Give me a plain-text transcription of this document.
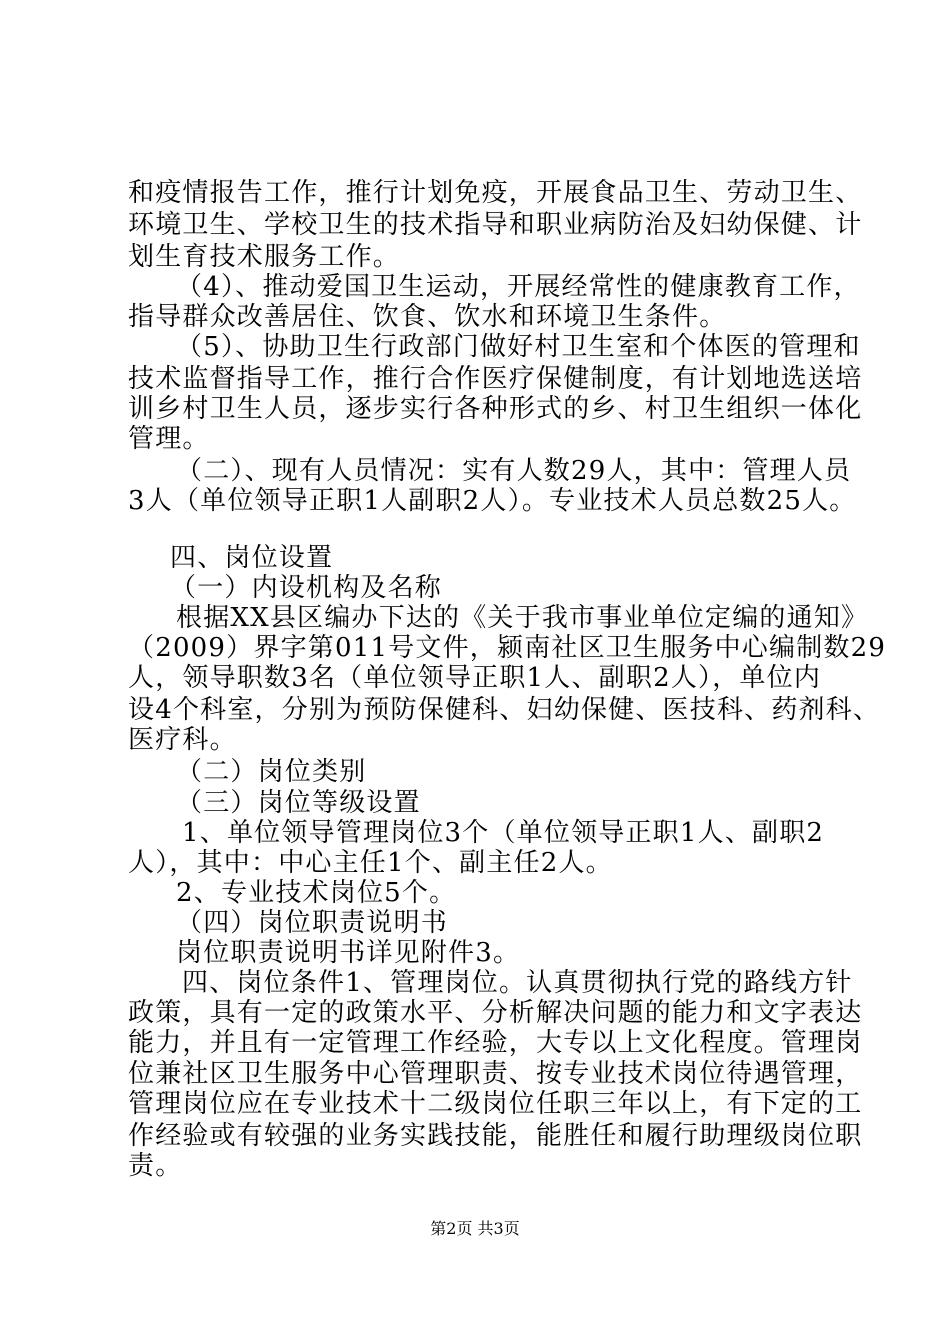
和疫情报告工作，推行计划免疫，开展食品卫生、劳动卫生、
环境卫生、学校卫生的技术指导和职业病防治及妇幼保健、计
划生育技术服务工作。
（4）、推动爱国卫生运动，开展经常性的健康教育工作，
指导群众改善居住、饮食、饮水和环境卫生条件。
（5）、协助卫生行政部门做好村卫生室和个体医的管理和
技术监督指导工作，推行合作医疗保健制度，有计划地选送培
训乡村卫生人员，逐步实行各种形式的乡、村卫生组织一体化
管理。
（二）、现有人员情况：实有人数29人，其中：管理人员
3人（单位领导正职1人副职2人）。专业技术人员总数25人。
四、岗位设置
（一）内设机构及名称
根据XX县区编办下达的《关于我市事业单位定编的通知》
（2009）界字第011号文件，颍南社区卫生服务中心编制数29
人，领导职数3名（单位领导正职1人、副职2人），单位内
设4个科室，分别为预防保健科、妇幼保健、医技科、药剂科、
医疗科。
（二）岗位类别
（三）岗位等级设置
1、单位领导管理岗位3个（单位领导正职1人、副职2
人），其中：中心主任1个、副主任2人。
2、专业技术岗位5个。
（四）岗位职责说明书
岗位职责说明书详见附件3。
四、岗位条件1、管理岗位。认真贯彻执行党的路线方针
政策，具有一定的政策水平、分析解决问题的能力和文字表达
能力，并且有一定管理工作经验，大专以上文化程度。管理岗
位兼社区卫生服务中心管理职责、按专业技术岗位待遇管理，
管理岗位应在专业技术十二级岗位任职三年以上，有下定的工
作经验或有较强的业务实践技能，能胜任和履行助理级岗位职
责。
第2页 共3页
